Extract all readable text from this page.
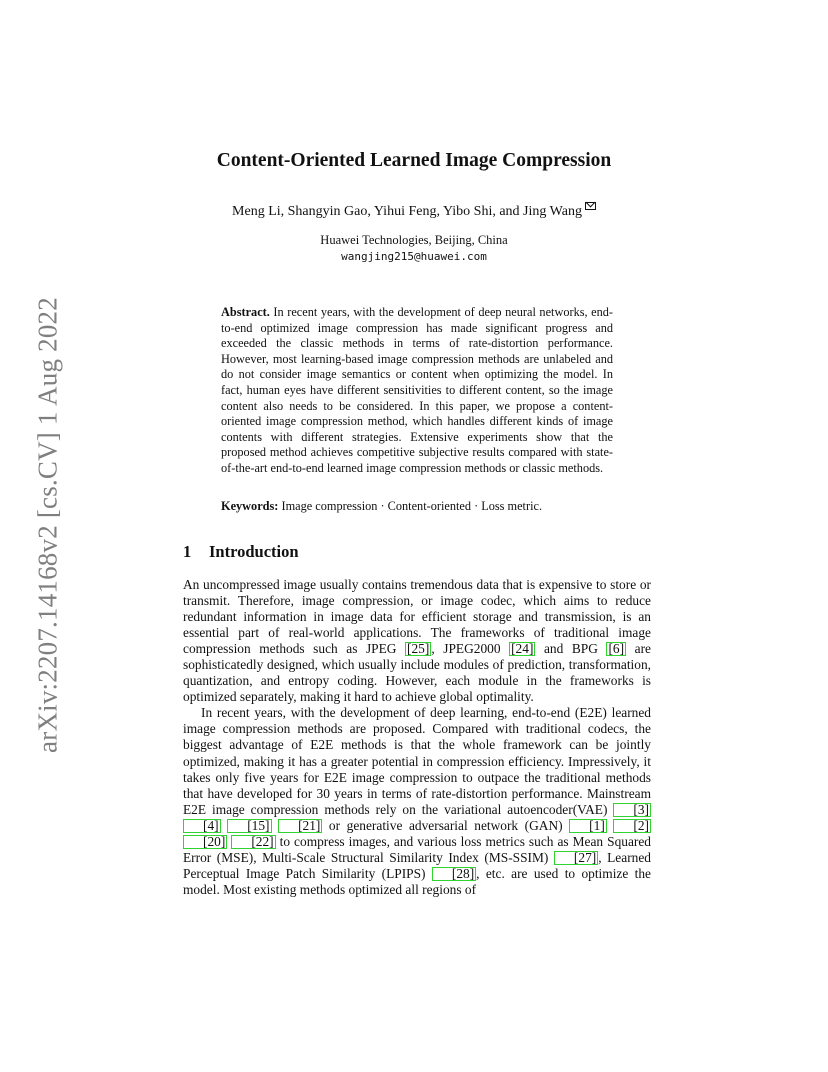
arXiv:2207.14168v2 [cs.CV] 1 Aug 2022
Content-Oriented Learned Image Compression
Meng Li, Shangyin Gao, Yihui Feng, Yibo Shi, and Jing Wang
Huawei Technologies, Beijing, China
wangjing215@huawei.com
Abstract. In recent years, with the development of deep neural networks, end-to-end optimized image compression has made significant progress and exceeded the classic methods in terms of rate-distortion performance. However, most learning-based image compression methods are unlabeled and do not consider image semantics or content when optimizing the model. In fact, human eyes have different sensitivities to different content, so the image content also needs to be considered. In this paper, we propose a content-oriented image compression method, which handles different kinds of image contents with different strategies. Extensive experiments show that the proposed method achieves competitive subjective results compared with state-of-the-art end-to-end learned image compression methods or classic methods.
Keywords: Image compression · Content-oriented · Loss metric.
1 Introduction

An uncompressed image usually contains tremendous data that is expensive to store or transmit. Therefore, image compression, or image codec, which aims to reduce redundant information in image data for efficient storage and transmission, is an essential part of real-world applications. The frameworks of traditional image compression methods such as JPEG [25] , JPEG2000 [24] and BPG [6] are sophisticatedly designed, which usually include modules of prediction, transformation, quantization, and entropy coding. However, each module in the frameworks is optimized separately, making it hard to achieve global optimality.

In recent years, with the development of deep learning, end-to-end (E2E) learned image compression methods are proposed. Compared with traditional codecs, the biggest advantage of E2E methods is that the whole framework can be jointly optimized, making it has a greater potential in compression efficiency. Impressively, it takes only five years for E2E image compression to outpace the traditional methods that have developed for 30 years in terms of rate-distortion performance. Mainstream E2E image compression methods rely on the variational autoencoder(VAE) [3] [4] [15] [21] or generative adversarial network (GAN) [1] [2] [20] [22] to compress images, and various loss metrics such as Mean Squared Error (MSE), Multi-Scale Structural Similarity Index (MS-SSIM) [27] , Learned Perceptual Image Patch Similarity (LPIPS) [28] , etc. are used to optimize the model. Most existing methods optimized all regions of
